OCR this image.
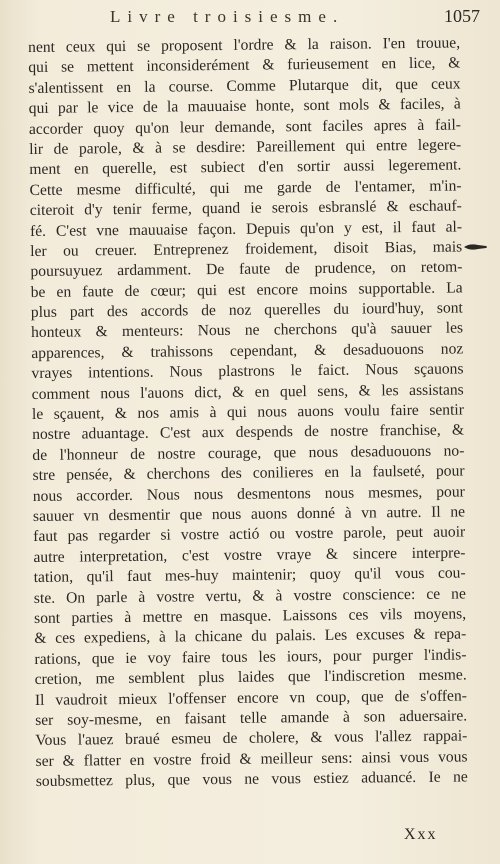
Livre troisiesme.	1057
nent ceux qui se proposent l'ordre & la raison. I'en trouue,
qui se mettent inconsiderément & furieusement en lice, &
s'alentissent en la course. Comme Plutarque dit, que ceux
qui par le vice de la mauuaise honte, sont mols & faciles, à
accorder quoy qu'on leur demande, sont faciles apres à fail-
lir de parole, & à se desdire: Pareillement qui entre legere-
ment en querelle, est subiect d'en sortir aussi legerement.
Cette mesme difficulté, qui me garde de l'entamer, m'in-
citeroit d'y tenir ferme, quand ie serois esbranslé & eschauf-
fé. C'est vne mauuaise façon. Depuis qu'on y est, il faut al-
ler ou creuer. Entreprenez froidement, disoit Bias, mais
poursuyuez ardamment. De faute de prudence, on retom-
be en faute de cœur; qui est encore moins supportable. La
plus part des accords de noz querelles du iourd'huy, sont
honteux & menteurs: Nous ne cherchons qu'à sauuer les
apparences, & trahissons cependant, & desaduouons noz
vrayes intentions. Nous plastrons le faict. Nous sçauons
comment nous l'auons dict, & en quel sens, & les assistans
le sçauent, & nos amis à qui nous auons voulu faire sentir
nostre aduantage. C'est aux despends de nostre franchise, &
de l'honneur de nostre courage, que nous desaduouons no-
stre pensée, & cherchons des conilieres en la faulseté, pour
nous accorder. Nous nous desmentons nous mesmes, pour
sauuer vn desmentir que nous auons donné à vn autre. Il ne
faut pas regarder si vostre actió ou vostre parole, peut auoir
autre interpretation, c'est vostre vraye & sincere interpre-
tation, qu'il faut mes-huy maintenir; quoy qu'il vous cou-
ste. On parle à vostre vertu, & à vostre conscience: ce ne
sont parties à mettre en masque. Laissons ces vils moyens,
& ces expediens, à la chicane du palais. Les excuses & repa-
rations, que ie voy faire tous les iours, pour purger l'indis-
cretion, me semblent plus laides que l'indiscretion mesme.
Il vaudroit mieux l'offenser encore vn coup, que de s'offen-
ser soy-mesme, en faisant telle amande à son aduersaire.
Vous l'auez braué esmeu de cholere, & vous l'allez rappai-
ser & flatter en vostre froid & meilleur sens: ainsi vous vous
soubsmettez plus, que vous ne vous estiez aduancé. Ie ne
Xxx
